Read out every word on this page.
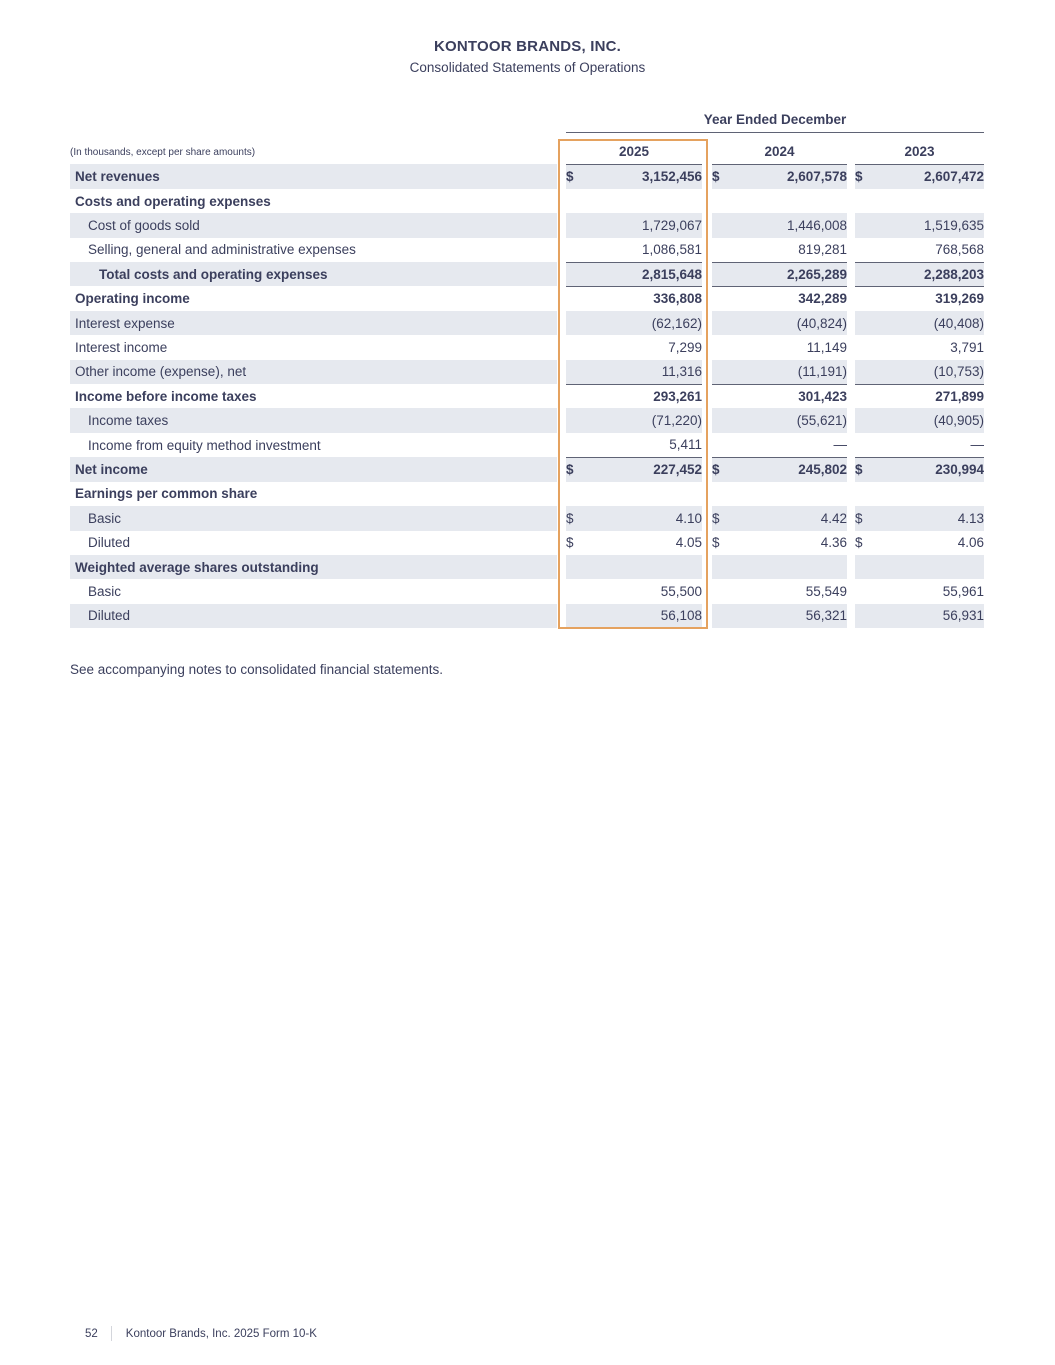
KONTOOR BRANDS, INC.
Consolidated Statements of Operations
Year Ended December
(In thousands, except per share amounts)		2025			2024			2023	
Net revenues		$	3,152,456		$	2,607,578		$	2,607,472
Costs and operating expenses									
Cost of goods sold			1,729,067			1,446,008			1,519,635
Selling, general and administrative expenses			1,086,581			819,281			768,568
Total costs and operating expenses			2,815,648			2,265,289			2,288,203
Operating income			336,808			342,289			319,269
Interest expense			(62,162)			(40,824)			(40,408)
Interest income			7,299			11,149			3,791
Other income (expense), net			11,316			(11,191)			(10,753)
Income before income taxes			293,261			301,423			271,899
Income taxes			(71,220)			(55,621)			(40,905)
Income from equity method investment			5,411			—			—
Net income		$	227,452		$	245,802		$	230,994
Earnings per common share									
Basic		$	4.10		$	4.42		$	4.13
Diluted		$	4.05		$	4.36		$	4.06
Weighted average shares outstanding									
Basic			55,500			55,549			55,961
Diluted			56,108			56,321			56,931
See accompanying notes to consolidated financial statements.
52 Kontoor Brands, Inc. 2025 Form 10-K
